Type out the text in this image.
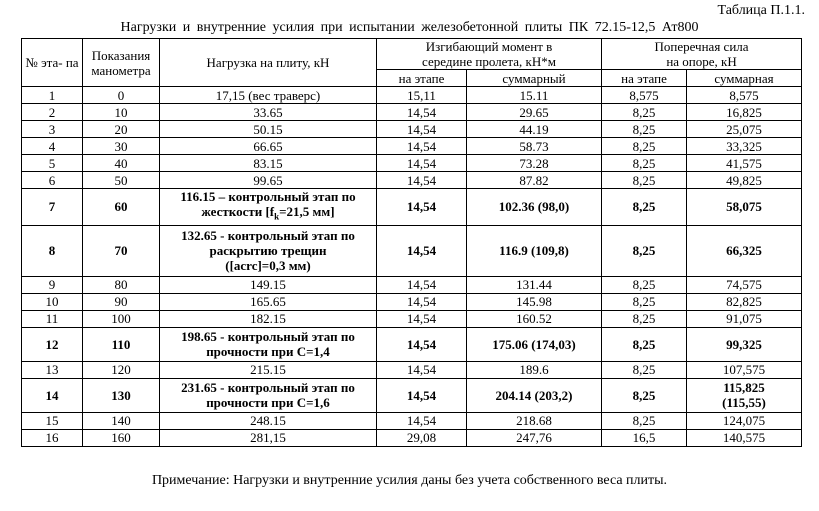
Таблица П.1.1.
Нагрузки и внутренние усилия при испытании железобетонной плиты ПК 72.15-12,5 Ат800
№ эта- па	Показания манометра	Нагрузка на плиту, кН	Изгибающий момент в середине пролета, кН*м		Поперечная сила на опоре, кН	
			на этапе	суммарный	на этапе	суммарная
1	0	17,15 (вес траверс)	15,11	15.11	8,575	8,575
2	10	33.65	14,54	29.65	8,25	16,825
3	20	50.15	14,54	44.19	8,25	25,075
4	30	66.65	14,54	58.73	8,25	33,325
5	40	83.15	14,54	73.28	8,25	41,575
6	50	99.65	14,54	87.82	8,25	49,825
7	60	116.15 – контрольный этап по
жесткости [$f_k=21,5$ мм]	14,54	102.36 (98,0)	8,25	58,075
8	70	132.65 - контрольный этап по
раскрытию трещин
([acrc]=0,3 мм)	14,54	116.9 (109,8)	8,25	66,325
9	80	149.15	14,54	131.44	8,25	74,575
10	90	165.65	14,54	145.98	8,25	82,825
11	100	182.15	14,54	160.52	8,25	91,075
12	110	198.65 - контрольный этап по
прочности при C=1,4	14,54	175.06 (174,03)	8,25	99,325
13	120	215.15	14,54	189.6	8,25	107,575
14	130	231.65 - контрольный этап по
прочности при C=1,6	14,54	204.14 (203,2)	8,25	115,825
(115,55)
15	140	248.15	14,54	218.68	8,25	124,075
16	160	281,15	29,08	247,76	16,5	140,575
Примечание: Нагрузки и внутренние усилия даны без учета собственного веса плиты.
